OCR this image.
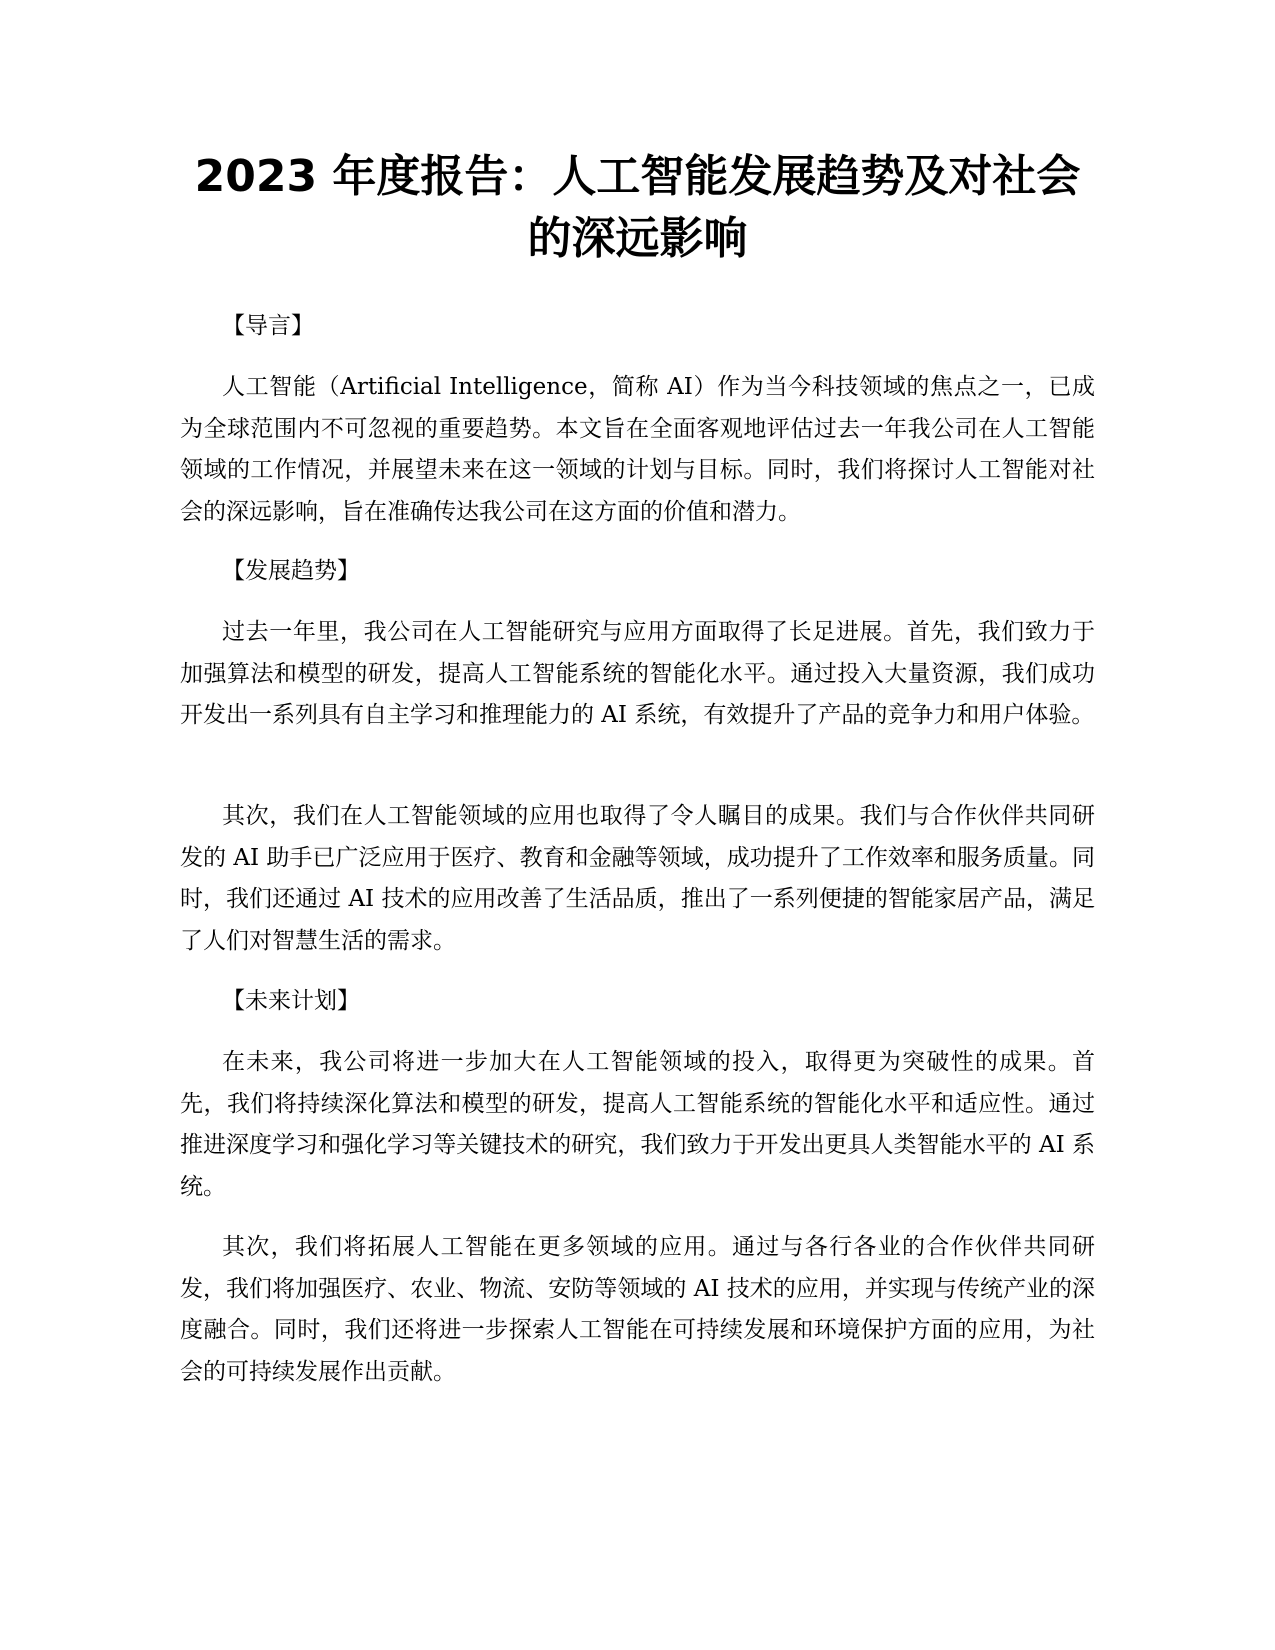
2023 年度报告：人工智能发展趋势及对社会
的深远影响

【导言】

人工智能（Artificial Intelligence，简称 AI）作为当今科技领域的焦点之一，已成为全球范围内不可忽视的重要趋势。本文旨在全面客观地评估过去一年我公司在人工智能领域的工作情况，并展望未来在这一领域的计划与目标。同时，我们将探讨人工智能对社会的深远影响，旨在准确传达我公司在这方面的价值和潜力。

【发展趋势】

过去一年里，我公司在人工智能研究与应用方面取得了长足进展。首先，我们致力于加强算法和模型的研发，提高人工智能系统的智能化水平。通过投入大量资源，我们成功开发出一系列具有自主学习和推理能力的 AI 系统，有效提升了产品的竞争力和用户体验。

其次，我们在人工智能领域的应用也取得了令人瞩目的成果。我们与合作伙伴共同研发的 AI 助手已广泛应用于医疗、教育和金融等领域，成功提升了工作效率和服务质量。同时，我们还通过 AI 技术的应用改善了生活品质，推出了一系列便捷的智能家居产品，满足了人们对智慧生活的需求。

【未来计划】

在未来，我公司将进一步加大在人工智能领域的投入，取得更为突破性的成果。首先，我们将持续深化算法和模型的研发，提高人工智能系统的智能化水平和适应性。通过推进深度学习和强化学习等关键技术的研究，我们致力于开发出更具人类智能水平的 AI 系统。

其次，我们将拓展人工智能在更多领域的应用。通过与各行各业的合作伙伴共同研发，我们将加强医疗、农业、物流、安防等领域的 AI 技术的应用，并实现与传统产业的深度融合。同时，我们还将进一步探索人工智能在可持续发展和环境保护方面的应用，为社会的可持续发展作出贡献。
